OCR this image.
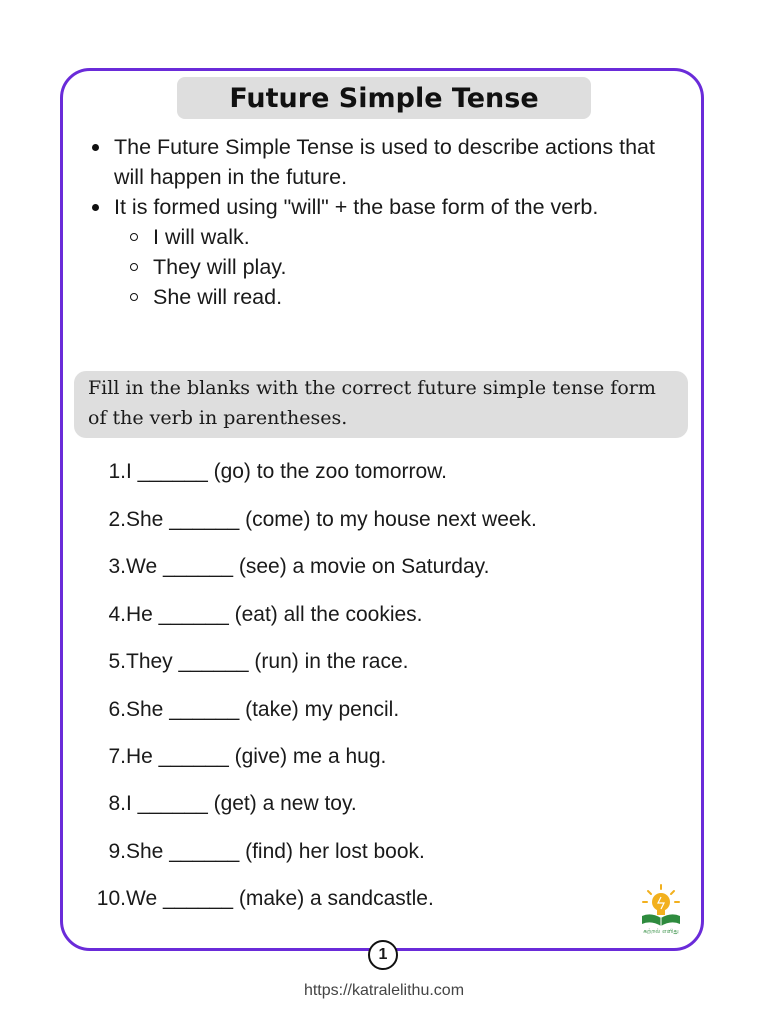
Future Simple Tense
The Future Simple Tense is used to describe actions that will happen in the future.
It is formed using "will" + the base form of the verb.
I will walk.
They will play.
She will read.
Fill in the blanks with the correct future simple tense form of the verb in parentheses.
1. I ______ (go) to the zoo tomorrow.
2. She ______ (come) to my house next week.
3. We ______ (see) a movie on Saturday.
4. He ______ (eat) all the cookies.
5. They ______ (run) in the race.
6. She ______ (take) my pencil.
7. He ______ (give) me a hug.
8. I ______ (get) a new toy.
9. She ______ (find) her lost book.
10. We ______ (make) a sandcastle.
கற்றல் எளிது
1
https://katralelithu.com
